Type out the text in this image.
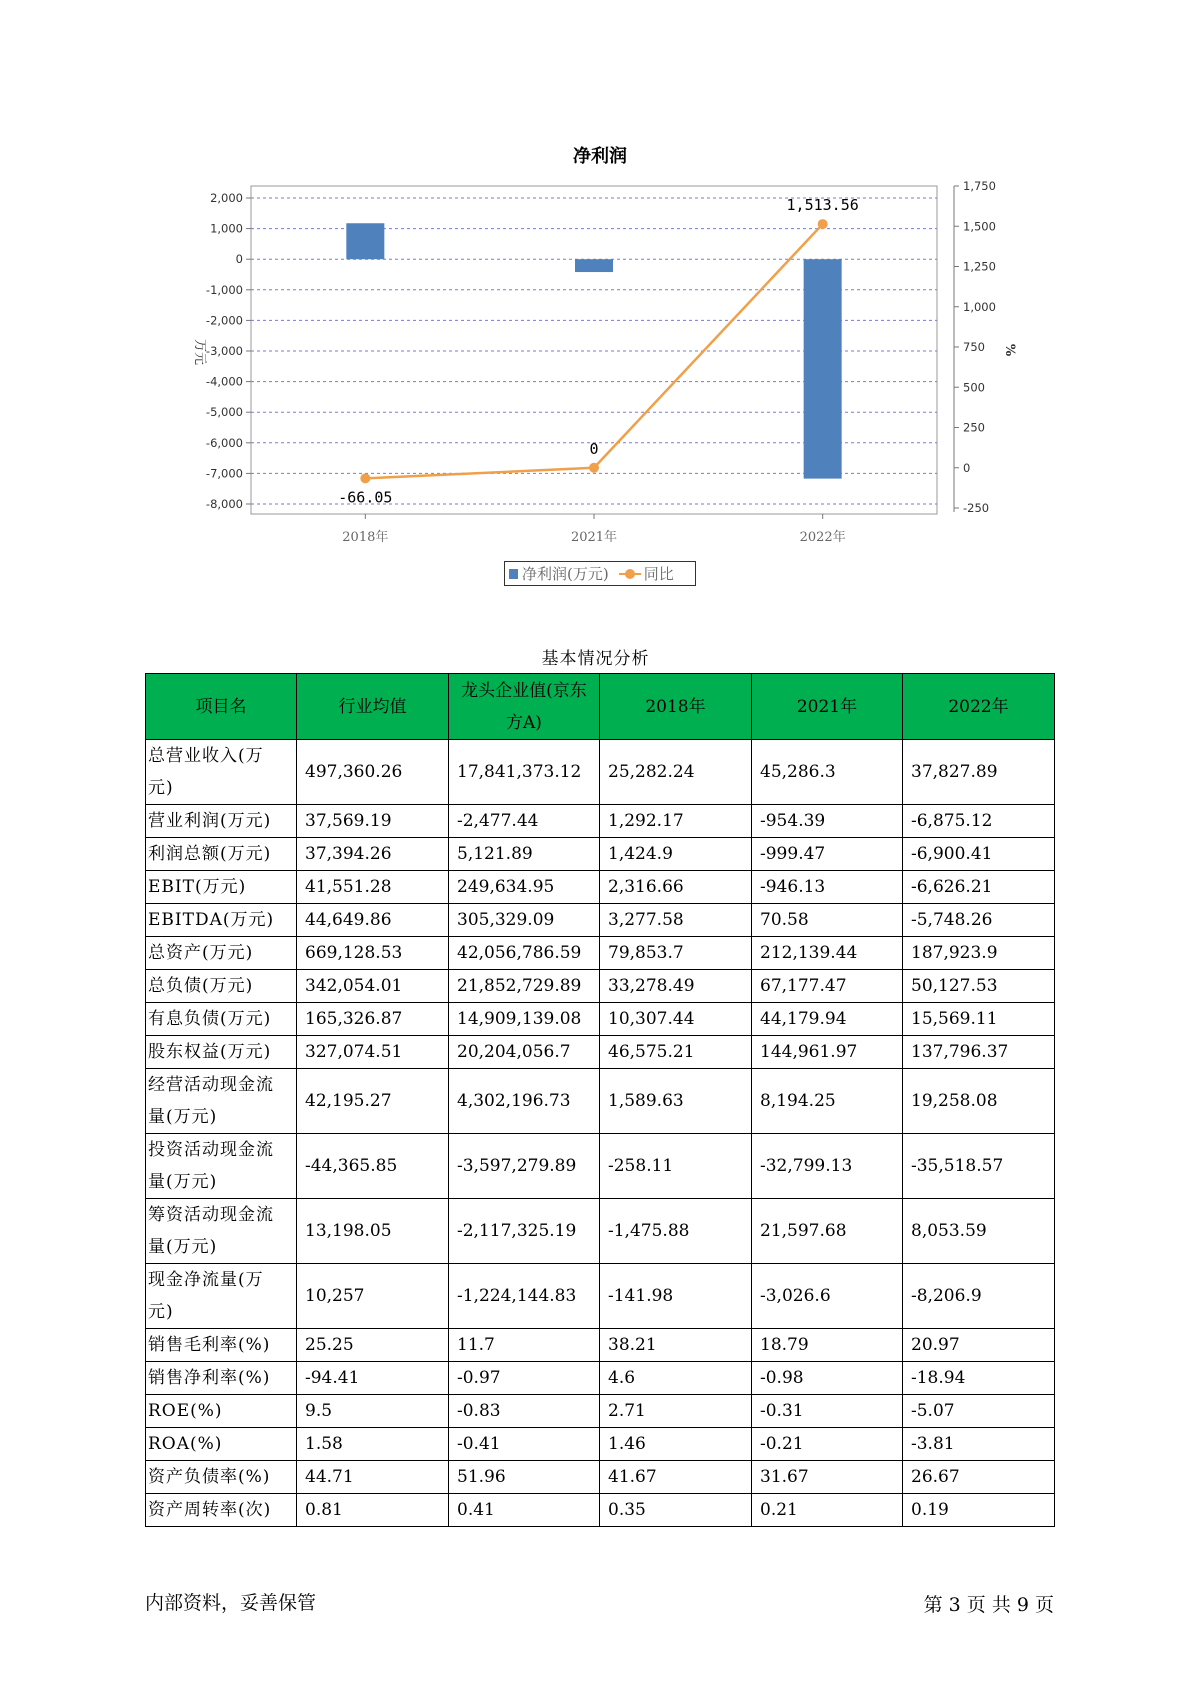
净利润
2,000
1,000
0
-1,000
-2,000
-3,000
-4,000
-5,000
-6,000
-7,000
-8,000
1,750
1,500
1,250
1,000
750
500
250
0
-250
万元	%
2018年	2021年	2022年
-66.05
0
1,513.56
净利润(万元) 同比
基本情况分析
项目名	行业均值	龙头企业值(京东方A)	2018年	2021年	2022年
总营业收入(万元)	497,360.26	17,841,373.12	25,282.24	45,286.3	37,827.89
营业利润(万元)	37,569.19	-2,477.44	1,292.17	-954.39	-6,875.12
利润总额(万元)	37,394.26	5,121.89	1,424.9	-999.47	-6,900.41
EBIT(万元)	41,551.28	249,634.95	2,316.66	-946.13	-6,626.21
EBITDA(万元)	44,649.86	305,329.09	3,277.58	70.58	-5,748.26
总资产(万元)	669,128.53	42,056,786.59	79,853.7	212,139.44	187,923.9
总负债(万元)	342,054.01	21,852,729.89	33,278.49	67,177.47	50,127.53
有息负债(万元)	165,326.87	14,909,139.08	10,307.44	44,179.94	15,569.11
股东权益(万元)	327,074.51	20,204,056.7	46,575.21	144,961.97	137,796.37
经营活动现金流量(万元)	42,195.27	4,302,196.73	1,589.63	8,194.25	19,258.08
投资活动现金流量(万元)	-44,365.85	-3,597,279.89	-258.11	-32,799.13	-35,518.57
筹资活动现金流量(万元)	13,198.05	-2,117,325.19	-1,475.88	21,597.68	8,053.59
现金净流量(万元)	10,257	-1,224,144.83	-141.98	-3,026.6	-8,206.9
销售毛利率(%)	25.25	11.7	38.21	18.79	20.97
销售净利率(%)	-94.41	-0.97	4.6	-0.98	-18.94
ROE(%)	9.5	-0.83	2.71	-0.31	-5.07
ROA(%)	1.58	-0.41	1.46	-0.21	-3.81
资产负债率(%)	44.71	51.96	41.67	31.67	26.67
资产周转率(次)	0.81	0.41	0.35	0.21	0.19
内部资料，妥善保管	第 3 页 共 9 页
